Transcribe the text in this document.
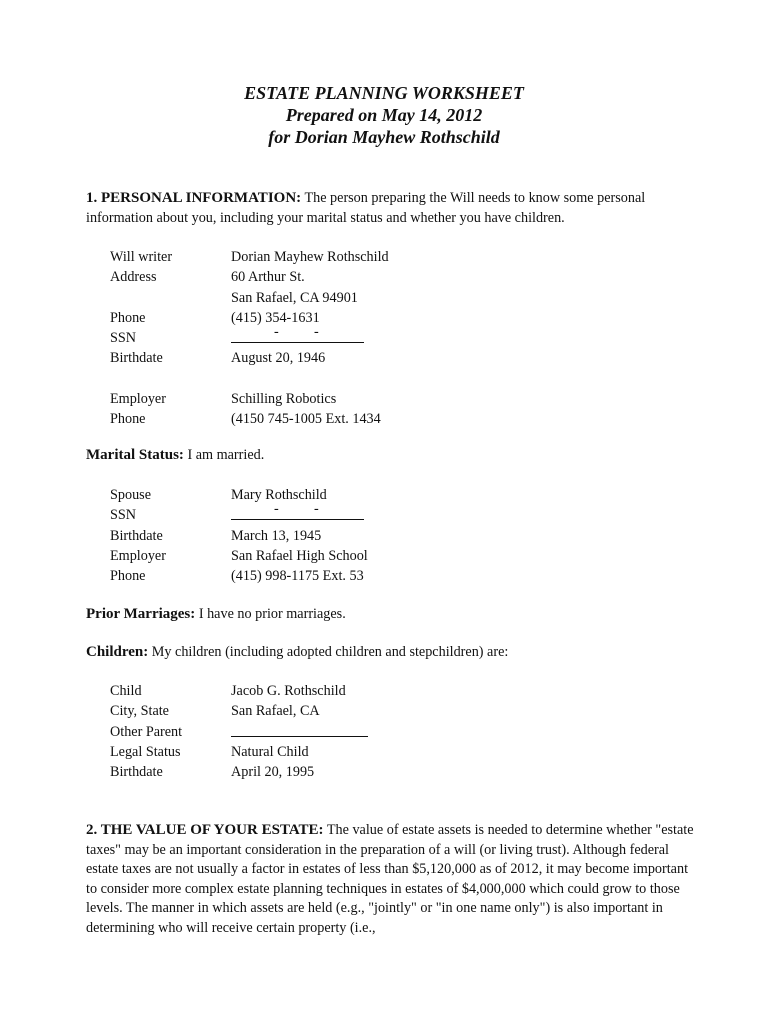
ESTATE PLANNING WORKSHEET
Prepared on May 14, 2012
for Dorian Mayhew Rothschild
1. PERSONAL INFORMATION: The person preparing the Will needs to know some personal information about you, including your marital status and whether you have children.
Will writer	Dorian Mayhew Rothschild
Address	60 Arthur St.
San Rafael, CA 94901
Phone	(415) 354-1631
SSN	- -
Birthdate	August 20, 1946
Employer	Schilling Robotics
Phone	(4150 745-1005 Ext. 1434
Marital Status: I am married.
Spouse	Mary Rothschild
SSN	- -
Birthdate	March 13, 1945
Employer	San Rafael High School
Phone	(415) 998-1175 Ext. 53
Prior Marriages: I have no prior marriages.
Children: My children (including adopted children and stepchildren) are:
Child	Jacob G. Rothschild
City, State	San Rafael, CA
Other Parent
Legal Status	Natural Child
Birthdate	April 20, 1995
2. THE VALUE OF YOUR ESTATE: The value of estate assets is needed to determine whether "estate taxes" may be an important consideration in the preparation of a will (or living trust). Although federal estate taxes are not usually a factor in estates of less than $5,120,000 as of 2012, it may become important to consider more complex estate planning techniques in estates of $4,000,000 which could grow to those levels. The manner in which assets are held (e.g., "jointly" or "in one name only") is also important in determining who will receive certain property (i.e.,
